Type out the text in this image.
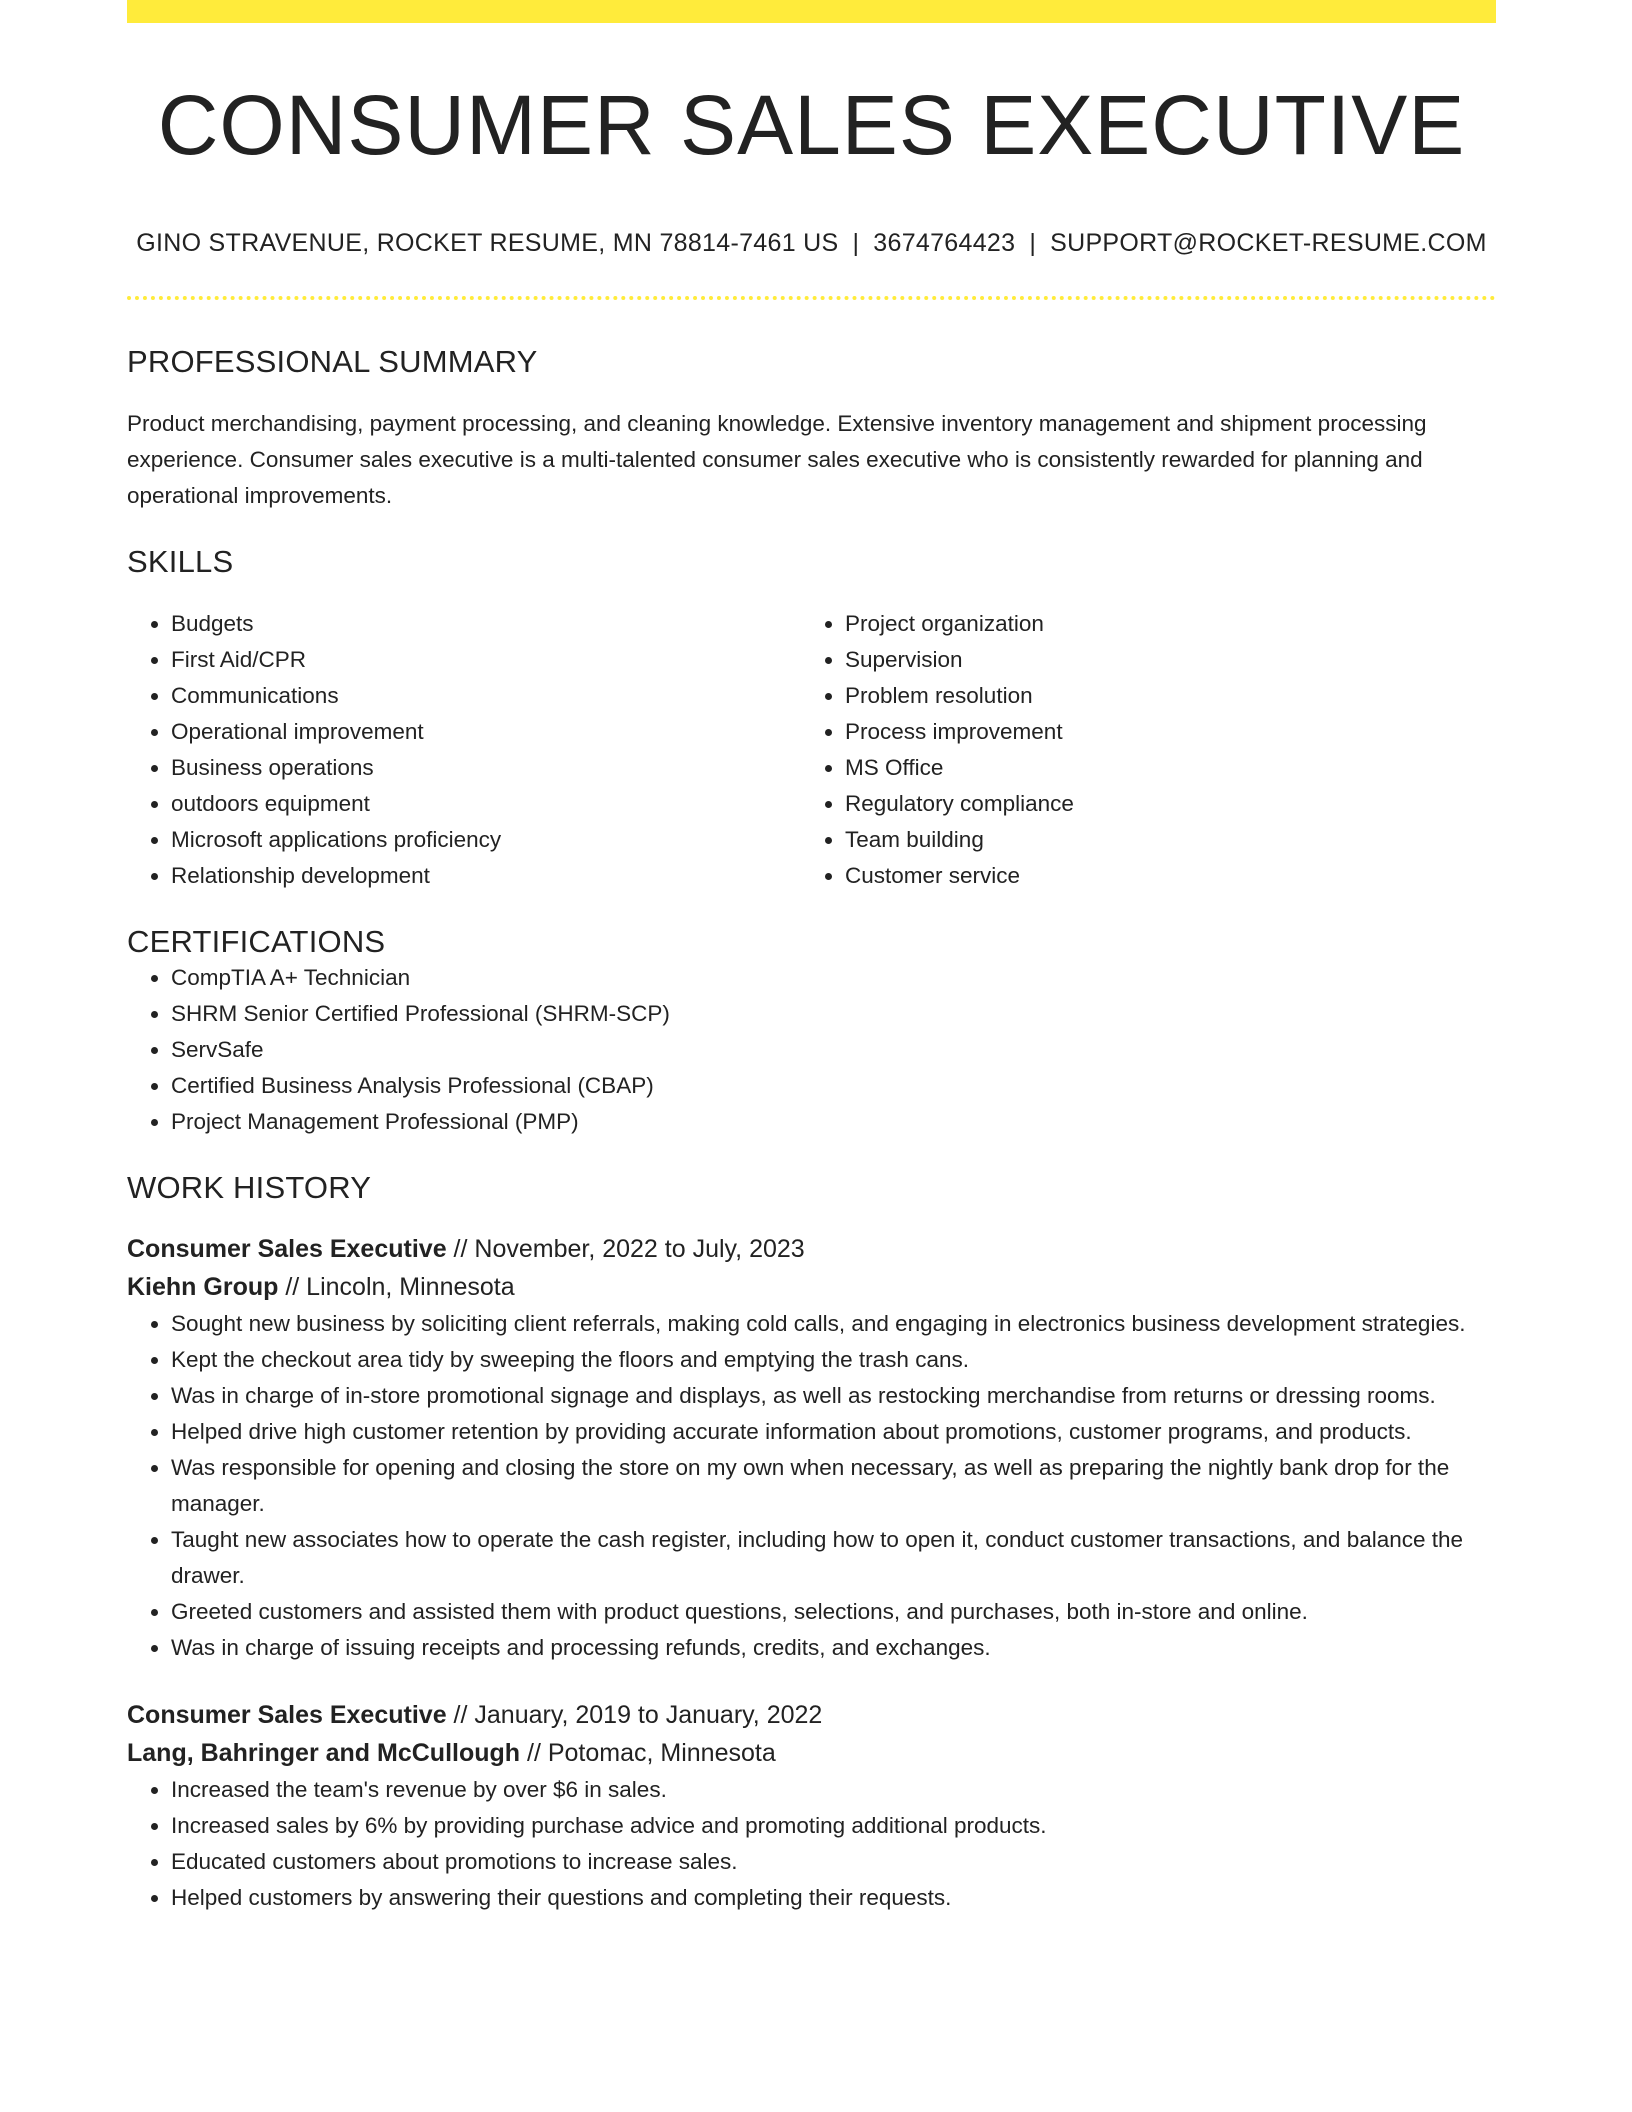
CONSUMER SALES EXECUTIVE
GINO STRAVENUE, ROCKET RESUME, MN 78814-7461 US | 3674764423 | SUPPORT@ROCKET-RESUME.COM
PROFESSIONAL SUMMARY

Product merchandising, payment processing, and cleaning knowledge. Extensive inventory management and shipment processing experience. Consumer sales executive is a multi-talented consumer sales executive who is consistently rewarded for planning and operational improvements.

SKILLS
• Budgets
• First Aid/CPR
• Communications
• Operational improvement
• Business operations
• outdoors equipment
• Microsoft applications proficiency
• Relationship development
• Project organization
• Supervision
• Problem resolution
• Process improvement
• MS Office
• Regulatory compliance
• Team building
• Customer service
CERTIFICATIONS
• CompTIA A+ Technician
• SHRM Senior Certified Professional (SHRM-SCP)
• ServSafe
• Certified Business Analysis Professional (CBAP)
• Project Management Professional (PMP)
WORK HISTORY
Consumer Sales Executive // November, 2022 to July, 2023
Kiehn Group // Lincoln, Minnesota
• Sought new business by soliciting client referrals, making cold calls, and engaging in electronics business development strategies.
• Kept the checkout area tidy by sweeping the floors and emptying the trash cans.
• Was in charge of in-store promotional signage and displays, as well as restocking merchandise from returns or dressing rooms.
• Helped drive high customer retention by providing accurate information about promotions, customer programs, and products.
• Was responsible for opening and closing the store on my own when necessary, as well as preparing the nightly bank drop for the manager.
• Taught new associates how to operate the cash register, including how to open it, conduct customer transactions, and balance the drawer.
• Greeted customers and assisted them with product questions, selections, and purchases, both in-store and online.
• Was in charge of issuing receipts and processing refunds, credits, and exchanges.
Consumer Sales Executive // January, 2019 to January, 2022
Lang, Bahringer and McCullough // Potomac, Minnesota
• Increased the team's revenue by over $6 in sales.
• Increased sales by 6% by providing purchase advice and promoting additional products.
• Educated customers about promotions to increase sales.
• Helped customers by answering their questions and completing their requests.
